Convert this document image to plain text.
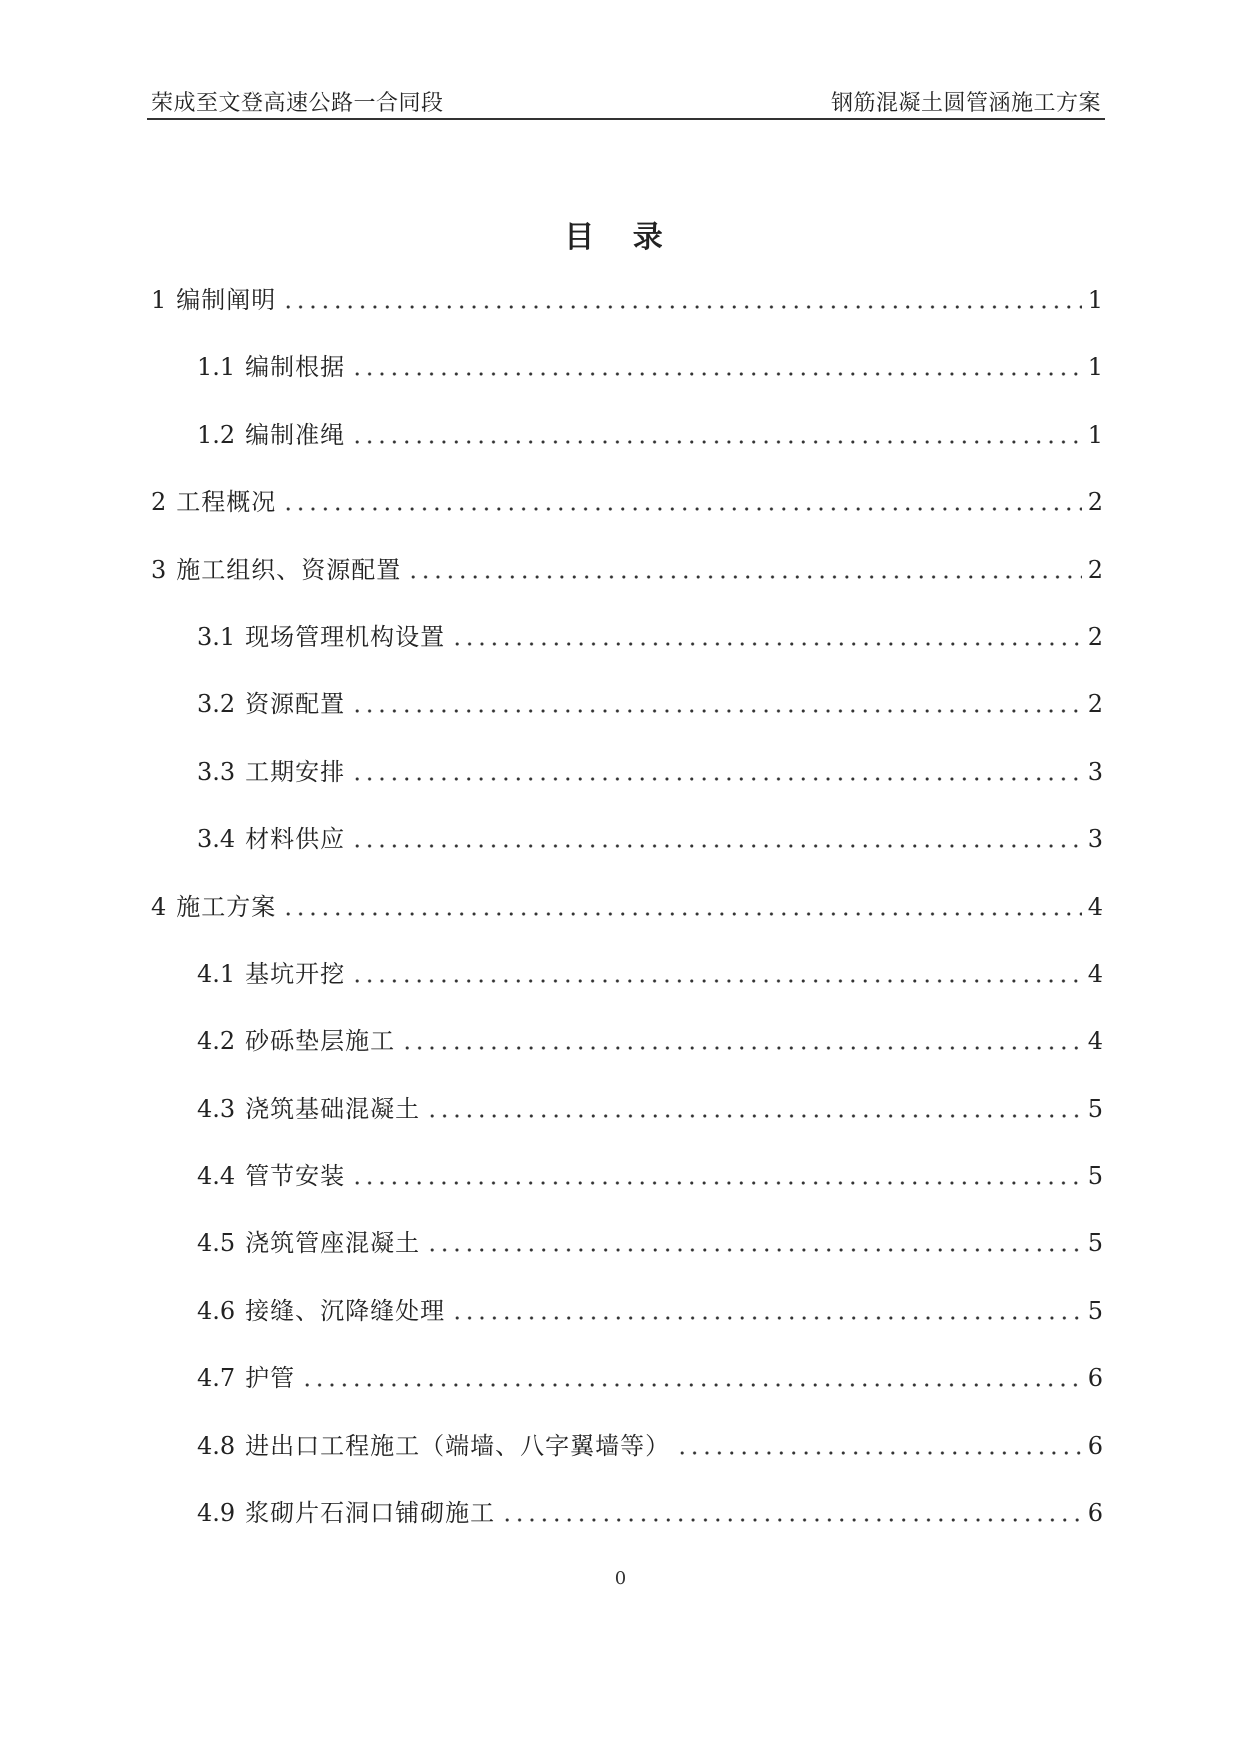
荣成至文登高速公路一合同段	钢筋混凝土圆管涵施工方案
目 录
1 编制阐明	1
1.1 编制根据	1
1.2 编制准绳	1
2 工程概况	2
3 施工组织、资源配置	2
3.1 现场管理机构设置	2
3.2 资源配置	2
3.3 工期安排	3
3.4 材料供应	3
4 施工方案	4
4.1 基坑开挖	4
4.2 砂砾垫层施工	4
4.3 浇筑基础混凝土	5
4.4 管节安装	5
4.5 浇筑管座混凝土	5
4.6 接缝、沉降缝处理	5
4.7 护管	6
4.8 进出口工程施工（端墙、八字翼墙等）	6
4.9 浆砌片石洞口铺砌施工	6
0
